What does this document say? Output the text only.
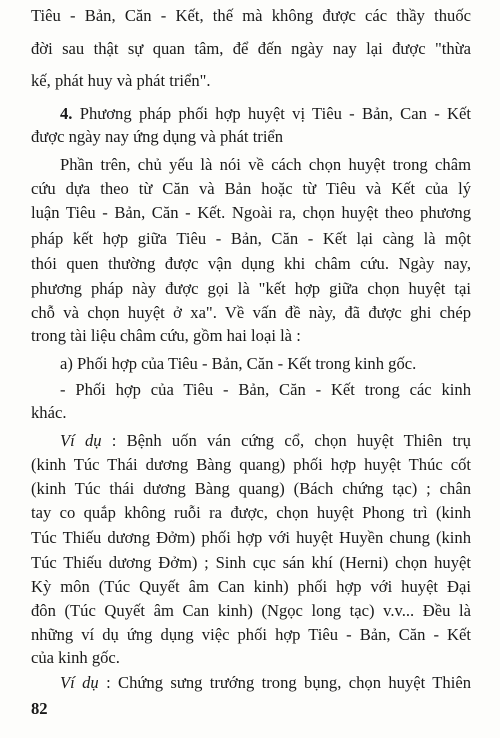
Tiêu - Bản, Căn - Kết, thế mà không được các thầy thuốc
đời sau thật sự quan tâm, để đến ngày nay lại được "thừa
kế, phát huy và phát triển".
4. Phương pháp phối hợp huyệt vị Tiêu - Bản, Can - Kết
được ngày nay ứng dụng và phát triển
Phần trên, chủ yếu là nói về cách chọn huyệt trong châm
cứu dựa theo từ Căn và Bản hoặc từ Tiêu và Kết của lý
luận Tiêu - Bản, Căn - Kết. Ngoài ra, chọn huyệt theo phương
pháp kết hợp giữa Tiêu - Bản, Căn - Kết lại càng là một
thói quen thường được vận dụng khi châm cứu. Ngày nay,
phương pháp này được gọi là "kết hợp giữa chọn huyệt tại
chỗ và chọn huyệt ở xa". Về vấn đề này, đã được ghi chép
trong tài liệu châm cứu, gồm hai loại là :
a) Phối hợp của Tiêu - Bản, Căn - Kết trong kinh gốc.
- Phối hợp của Tiêu - Bản, Căn - Kết trong các kinh
khác.
Ví dụ : Bệnh uốn ván cứng cổ, chọn huyệt Thiên trụ
(kinh Túc Thái dương Bàng quang) phối hợp huyệt Thúc cốt
(kinh Túc thái dương Bàng quang) (Bách chứng tạc) ; chân
tay co quắp không ruỗi ra được, chọn huyệt Phong trì (kinh
Túc Thiếu dương Đởm) phối hợp với huyệt Huyền chung (kinh
Túc Thiếu dương Đởm) ; Sinh cục sán khí (Herni) chọn huyệt
Kỳ môn (Túc Quyết âm Can kinh) phối hợp với huyệt Đại
đôn (Túc Quyết âm Can kinh) (Ngọc long tạc) v.v... Đều là
những ví dụ ứng dụng việc phối hợp Tiêu - Bản, Căn - Kết
của kinh gốc.
Ví dụ : Chứng sưng trướng trong bụng, chọn huyệt Thiên
82
